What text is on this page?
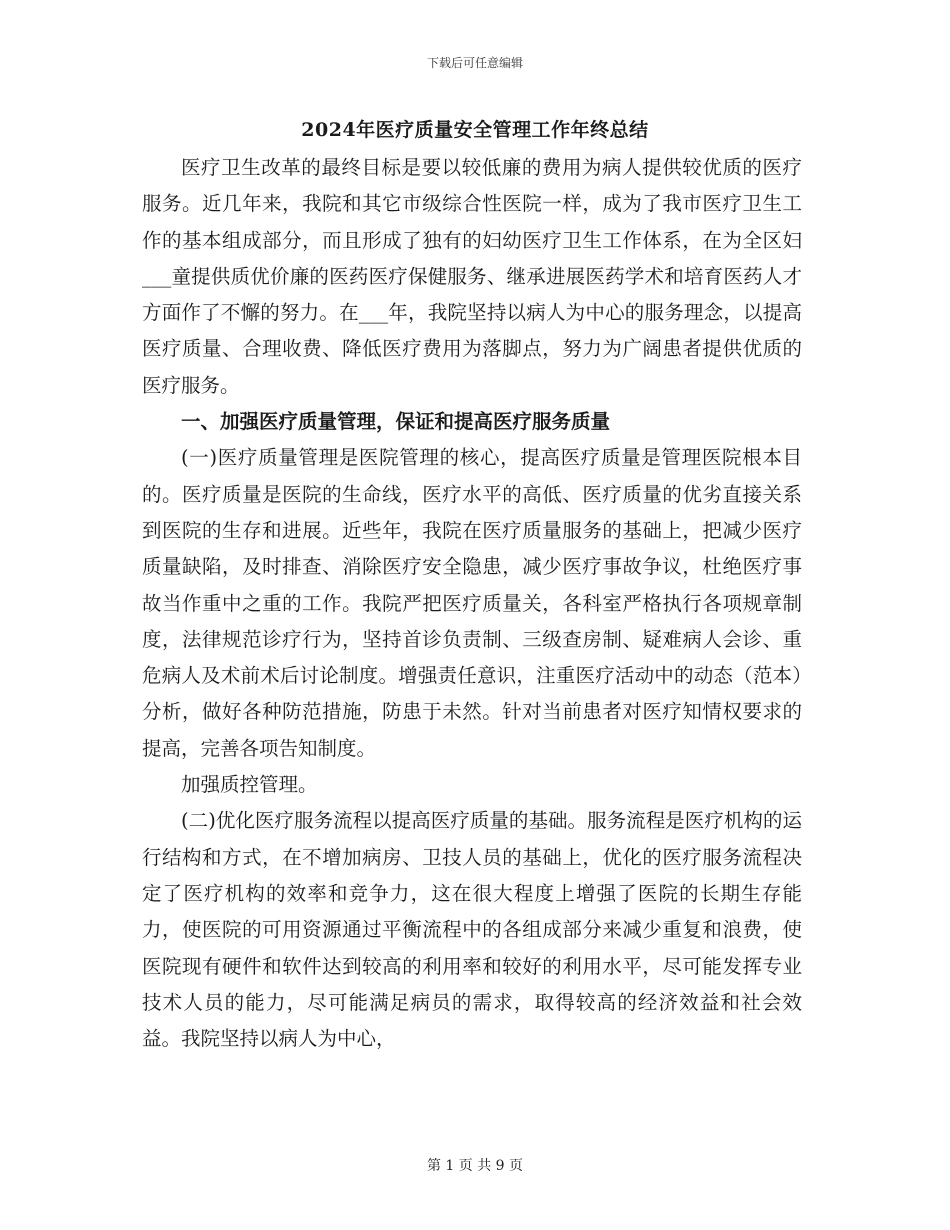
下载后可任意编辑
2024年医疗质量安全管理工作年终总结

医疗卫生改革的最终目标是要以较低廉的费用为病人提供较优质的医疗服务。近几年来，我院和其它市级综合性医院一样，成为了我市医疗卫生工作的基本组成部分，而且形成了独有的妇幼医疗卫生工作体系，在为全区妇___童提供质优价廉的医药医疗保健服务、继承进展医药学术和培育医药人才方面作了不懈的努力。在___年，我院坚持以病人为中心的服务理念，以提高医疗质量、合理收费、降低医疗费用为落脚点，努力为广阔患者提供优质的医疗服务。

一、加强医疗质量管理，保证和提高医疗服务质量

(一)医疗质量管理是医院管理的核心，提高医疗质量是管理医院根本目的。医疗质量是医院的生命线，医疗水平的高低、医疗质量的优劣直接关系到医院的生存和进展。近些年，我院在医疗质量服务的基础上，把减少医疗质量缺陷，及时排查、消除医疗安全隐患，减少医疗事故争议，杜绝医疗事故当作重中之重的工作。我院严把医疗质量关，各科室严格执行各项规章制度，法律规范诊疗行为，坚持首诊负责制、三级查房制、疑难病人会诊、重危病人及术前术后讨论制度。增强责任意识，注重医疗活动中的动态（范本）分析，做好各种防范措施，防患于未然。针对当前患者对医疗知情权要求的提高，完善各项告知制度。

加强质控管理。

(二)优化医疗服务流程以提高医疗质量的基础。服务流程是医疗机构的运行结构和方式，在不增加病房、卫技人员的基础上，优化的医疗服务流程决定了医疗机构的效率和竞争力，这在很大程度上增强了医院的长期生存能力，使医院的可用资源通过平衡流程中的各组成部分来减少重复和浪费，使医院现有硬件和软件达到较高的利用率和较好的利用水平，尽可能发挥专业技术人员的能力，尽可能满足病员的需求，取得较高的经济效益和社会效益。我院坚持以病人为中心，

第 1 页 共 9 页
